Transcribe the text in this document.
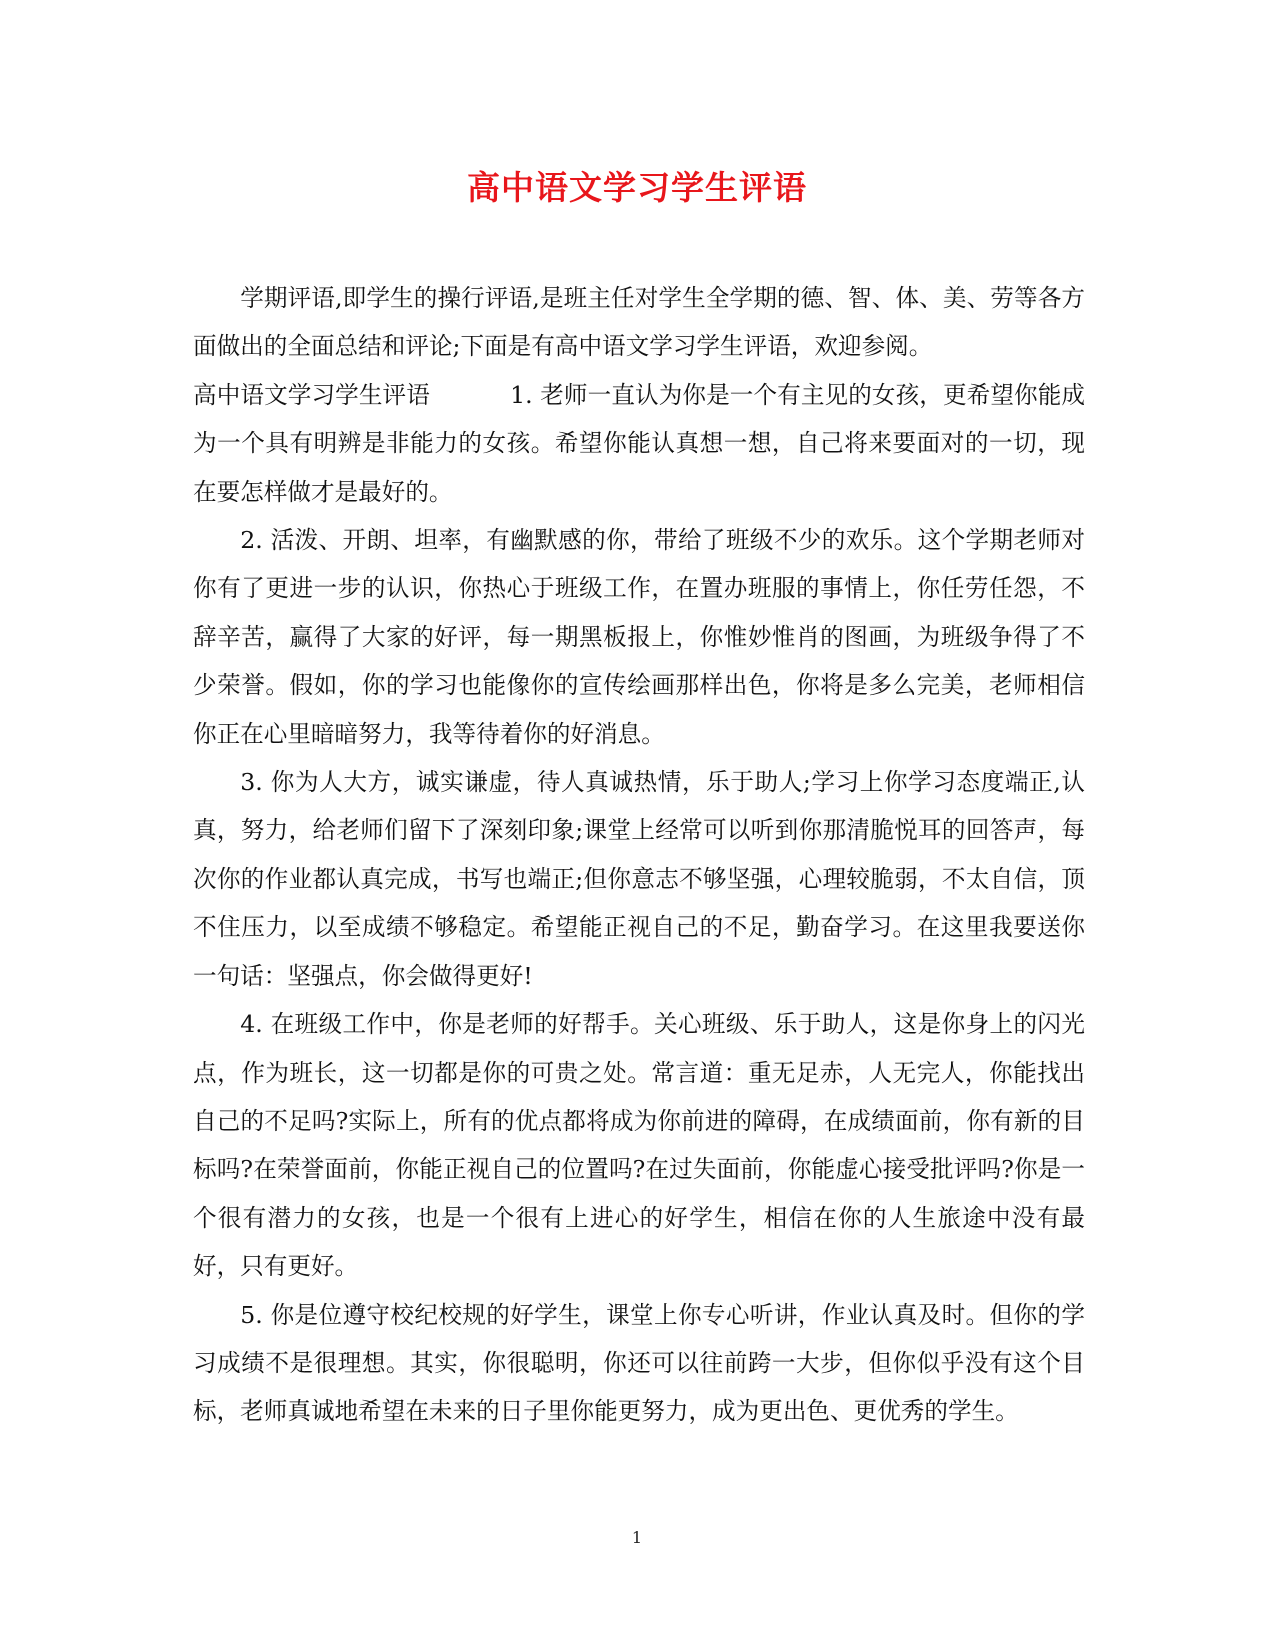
高中语文学习学生评语

学期评语,即学生的操行评语,是班主任对学生全学期的德、智、体、美、劳等各方面做出的全面总结和评论;下面是有高中语文学习学生评语，欢迎参阅。

高中语文学习学生评语	1. 老师一直认为你是一个有主见的女孩，更希望你能成为一个具有明辨是非能力的女孩。希望你能认真想一想，自己将来要面对的一切，现在要怎样做才是最好的。

2. 活泼、开朗、坦率，有幽默感的你，带给了班级不少的欢乐。这个学期老师对你有了更进一步的认识，你热心于班级工作，在置办班服的事情上，你任劳任怨，不辞辛苦，赢得了大家的好评，每一期黑板报上，你惟妙惟肖的图画，为班级争得了不少荣誉。假如，你的学习也能像你的宣传绘画那样出色，你将是多么完美，老师相信你正在心里暗暗努力，我等待着你的好消息。

3. 你为人大方，诚实谦虚，待人真诚热情，乐于助人;学习上你学习态度端正,认真，努力，给老师们留下了深刻印象;课堂上经常可以听到你那清脆悦耳的回答声，每次你的作业都认真完成，书写也端正;但你意志不够坚强，心理较脆弱，不太自信，顶不住压力，以至成绩不够稳定。希望能正视自己的不足，勤奋学习。在这里我要送你一句话：坚强点，你会做得更好!

4. 在班级工作中，你是老师的好帮手。关心班级、乐于助人，这是你身上的闪光点，作为班长，这一切都是你的可贵之处。常言道：重无足赤，人无完人，你能找出自己的不足吗?实际上，所有的优点都将成为你前进的障碍，在成绩面前，你有新的目标吗?在荣誉面前，你能正视自己的位置吗?在过失面前，你能虚心接受批评吗?你是一个很有潜力的女孩，也是一个很有上进心的好学生，相信在你的人生旅途中没有最好，只有更好。

5. 你是位遵守校纪校规的好学生，课堂上你专心听讲，作业认真及时。但你的学习成绩不是很理想。其实，你很聪明，你还可以往前跨一大步，但你似乎没有这个目标，老师真诚地希望在未来的日子里你能更努力，成为更出色、更优秀的学生。

1
